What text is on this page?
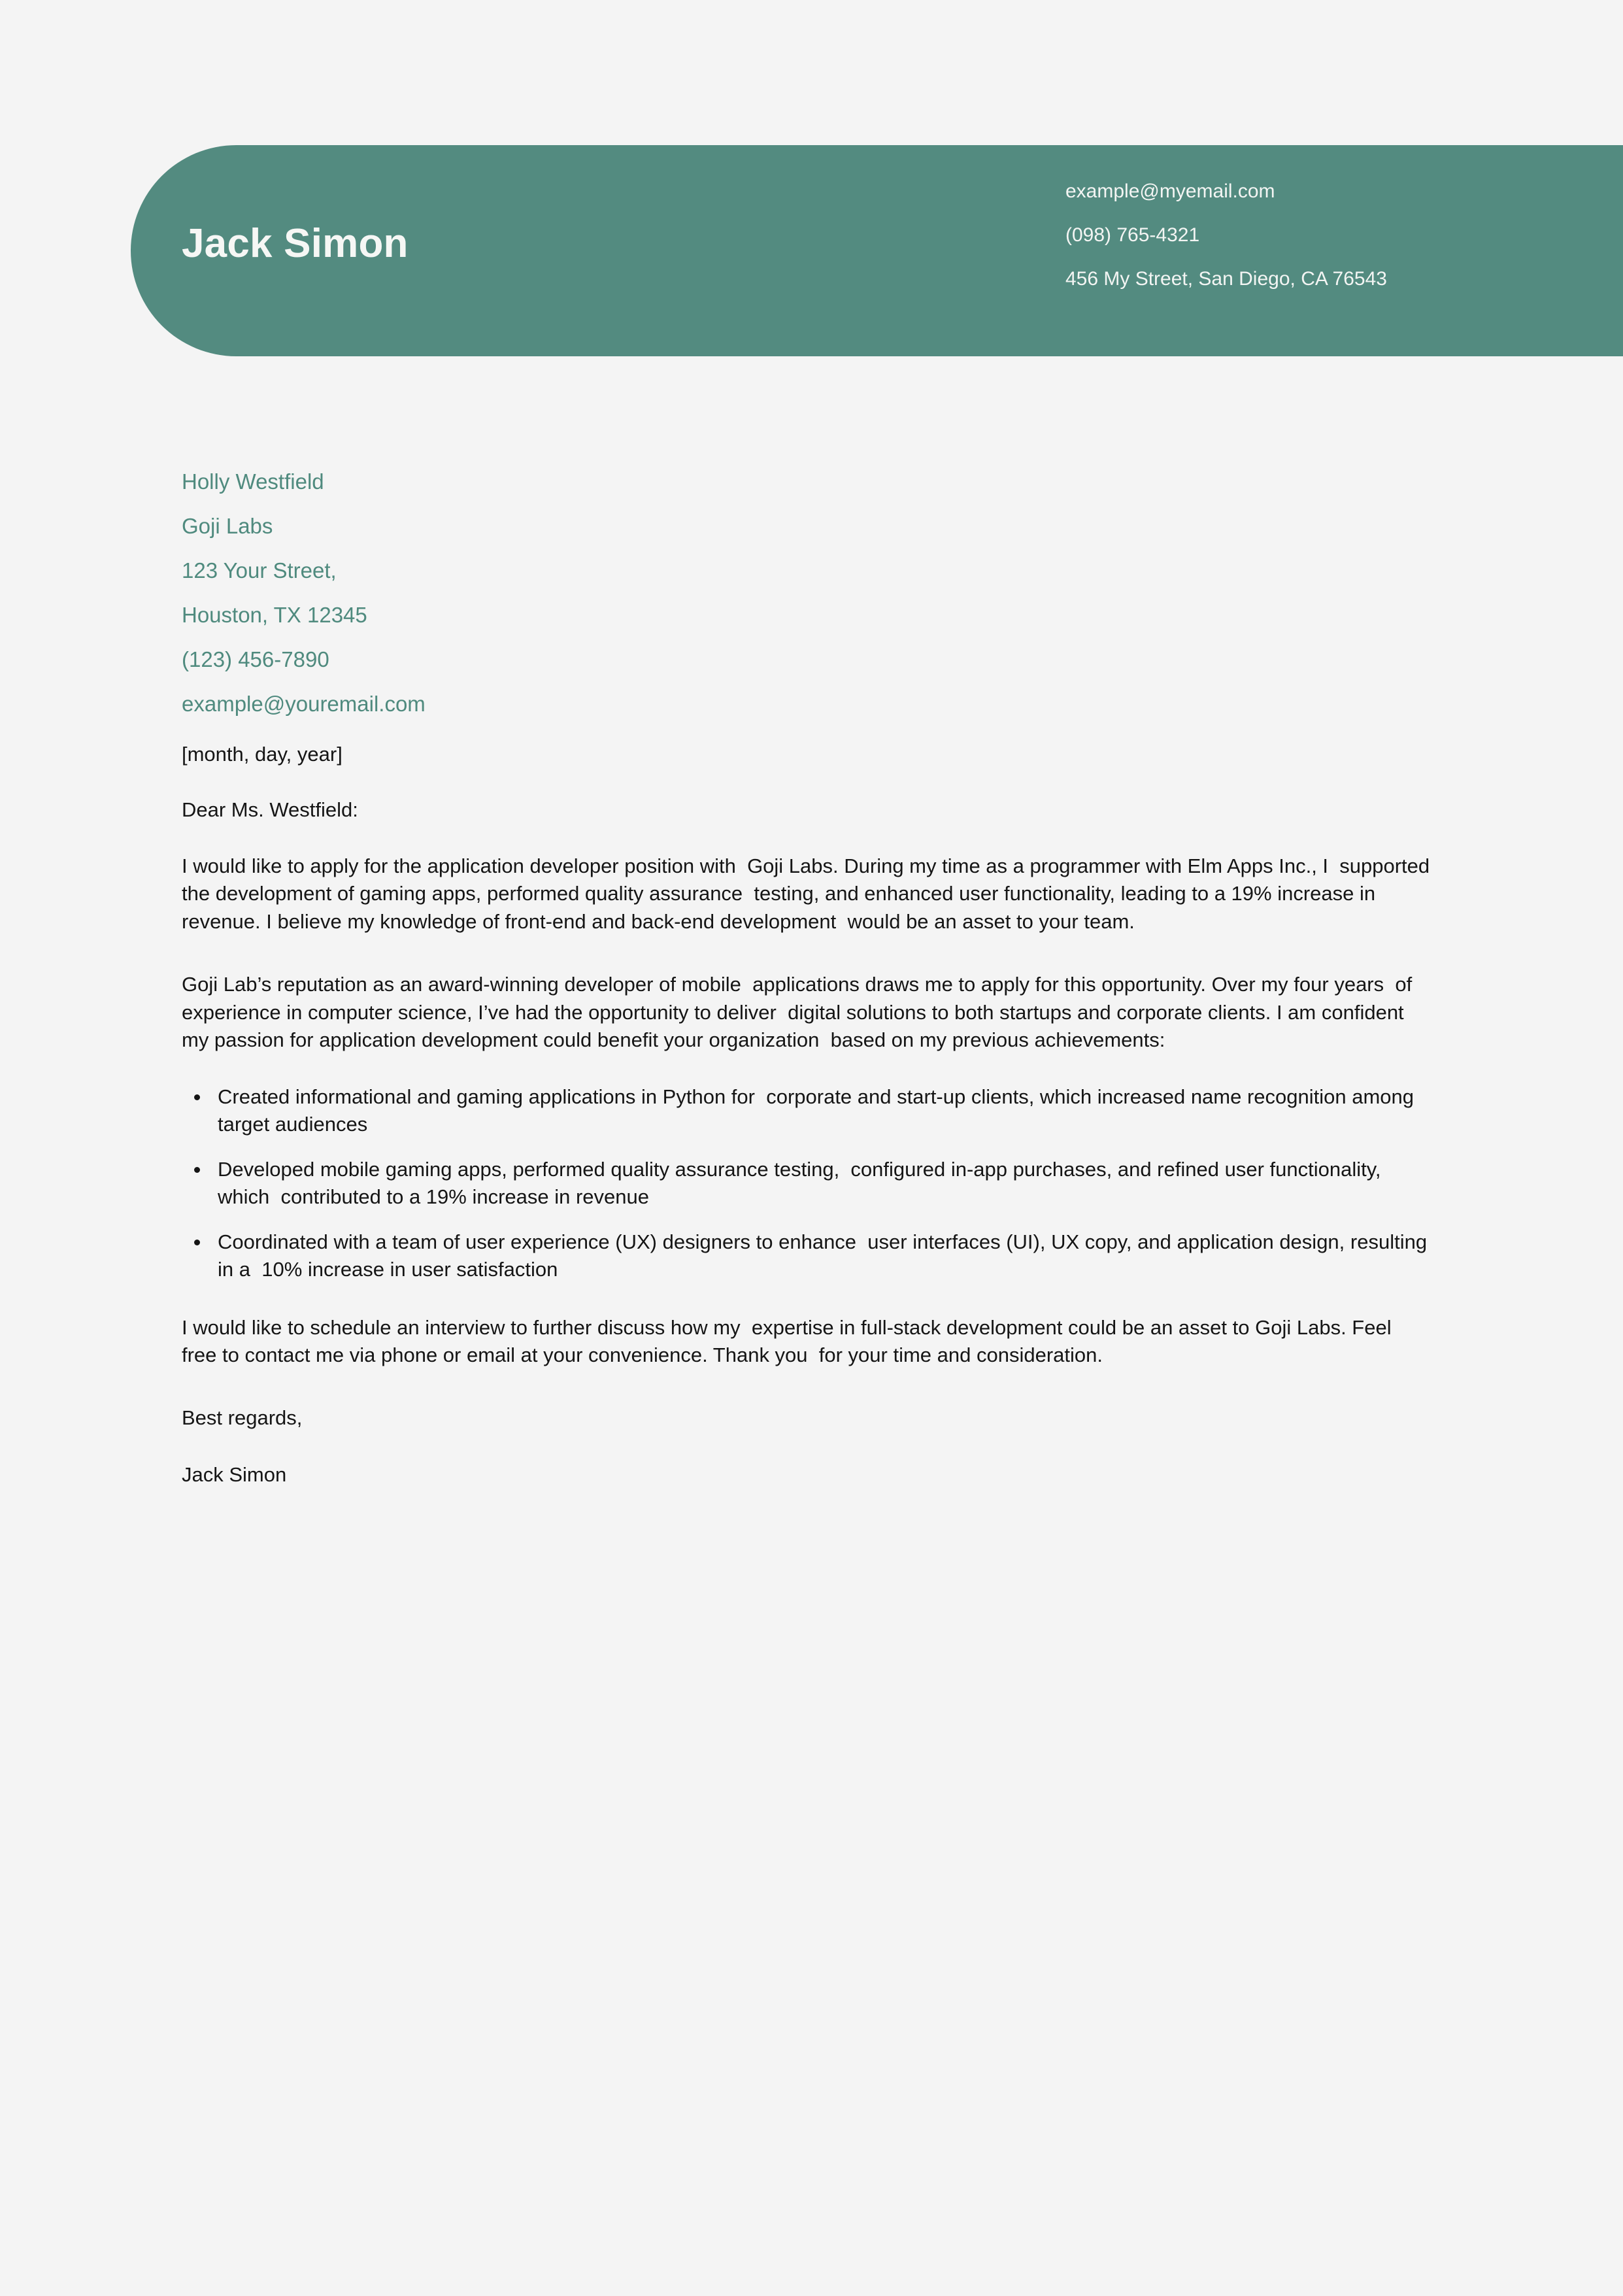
Jack Simon
example@myemail.com
(098) 765-4321
456 My Street, San Diego, CA 76543
Holly Westfield
Goji Labs
123 Your Street,
Houston, TX 12345
(123) 456-7890
example@youremail.com
[month, day, year]
Dear Ms. Westfield:
I would like to apply for the application developer position with  Goji Labs. During my time as a programmer with Elm Apps Inc., I  supported the development of gaming apps, performed quality assurance  testing, and enhanced user functionality, leading to a 19% increase in  revenue. I believe my knowledge of front-end and back-end development  would be an asset to your team.
Goji Lab’s reputation as an award-winning developer of mobile  applications draws me to apply for this opportunity. Over my four years  of experience in computer science, I’ve had the opportunity to deliver  digital solutions to both startups and corporate clients. I am confident  my passion for application development could benefit your organization  based on my previous achievements:
Created informational and gaming applications in Python for  corporate and start-up clients, which increased name recognition among  target audiences
Developed mobile gaming apps, performed quality assurance testing,  configured in-app purchases, and refined user functionality, which  contributed to a 19% increase in revenue
Coordinated with a team of user experience (UX) designers to enhance  user interfaces (UI), UX copy, and application design, resulting in a  10% increase in user satisfaction
I would like to schedule an interview to further discuss how my  expertise in full-stack development could be an asset to Goji Labs. Feel  free to contact me via phone or email at your convenience. Thank you  for your time and consideration.
Best regards,
Jack Simon
